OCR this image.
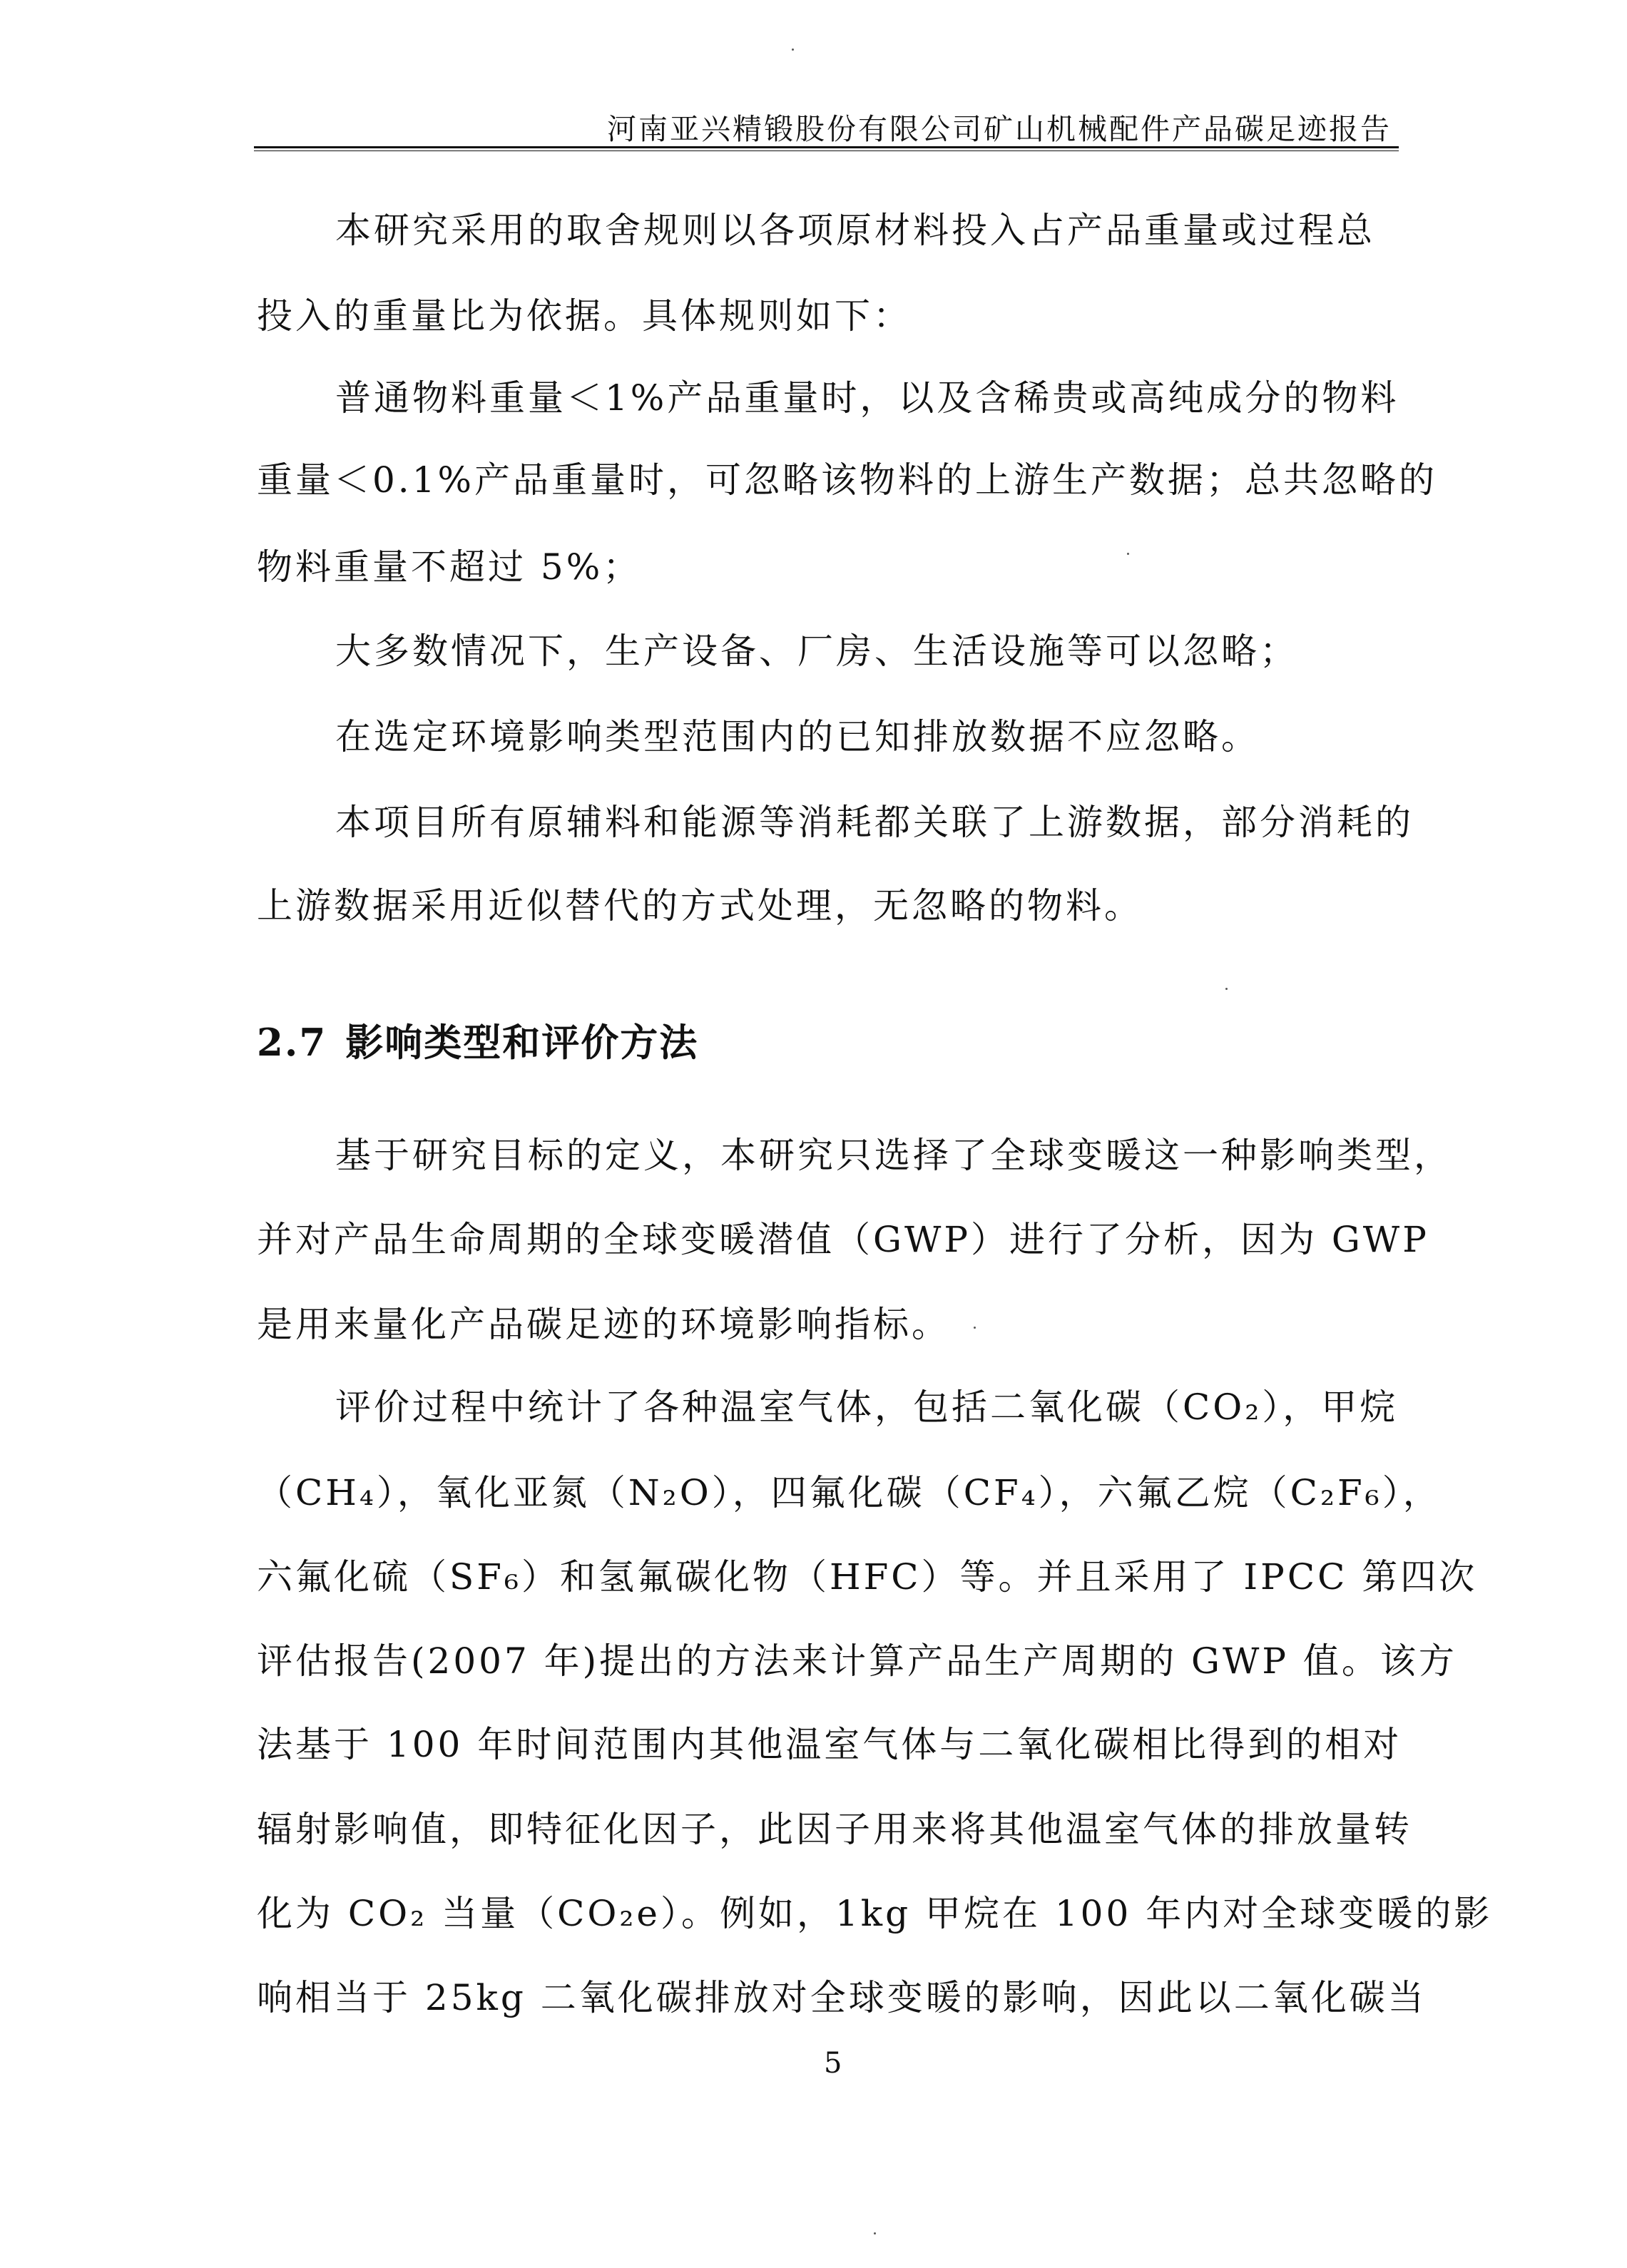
河南亚兴精锻股份有限公司矿山机械配件产品碳足迹报告
本研究采用的取舍规则以各项原材料投入占产品重量或过程总
投入的重量比为依据。具体规则如下：
普通物料重量＜1%产品重量时，以及含稀贵或高纯成分的物料
重量＜0.1%产品重量时，可忽略该物料的上游生产数据；总共忽略的
物料重量不超过 5%；
大多数情况下，生产设备、厂房、生活设施等可以忽略；
在选定环境影响类型范围内的已知排放数据不应忽略。
本项目所有原辅料和能源等消耗都关联了上游数据，部分消耗的
上游数据采用近似替代的方式处理，无忽略的物料。
2.7 影响类型和评价方法
基于研究目标的定义，本研究只选择了全球变暖这一种影响类型，
并对产品生命周期的全球变暖潜值（GWP）进行了分析，因为 GWP
是用来量化产品碳足迹的环境影响指标。
评价过程中统计了各种温室气体，包括二氧化碳（CO₂），甲烷
（CH₄），氧化亚氮（N₂O），四氟化碳（CF₄），六氟乙烷（C₂F₆），
六氟化硫（SF₆）和氢氟碳化物（HFC）等。并且采用了 IPCC 第四次
评估报告(2007 年)提出的方法来计算产品生产周期的 GWP 值。该方
法基于 100 年时间范围内其他温室气体与二氧化碳相比得到的相对
辐射影响值，即特征化因子，此因子用来将其他温室气体的排放量转
化为 CO₂ 当量（CO₂e）。例如，1kg 甲烷在 100 年内对全球变暖的影
响相当于 25kg 二氧化碳排放对全球变暖的影响，因此以二氧化碳当
5
